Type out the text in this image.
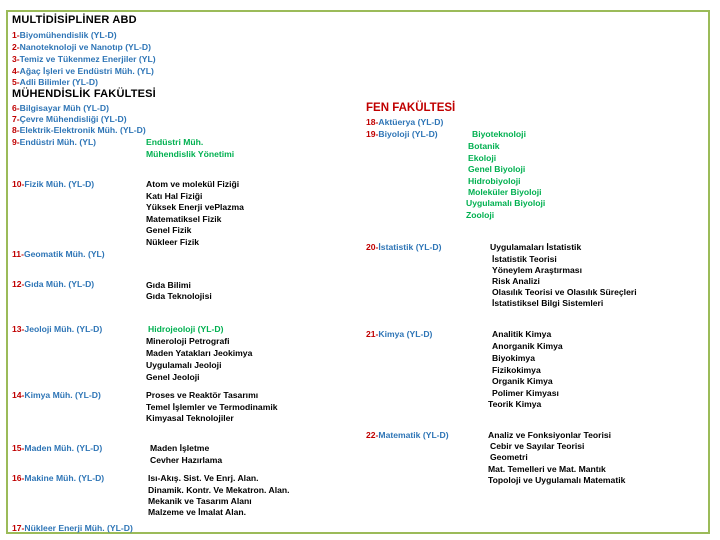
MULTİDİSİPLİNER ABD
1-Biyomühendislik (YL-D)
2-Nanoteknoloji ve Nanotıp (YL-D)
3-Temiz ve Tükenmez Enerjiler (YL)
4-Ağaç İşleri ve Endüstri Müh. (YL)
5-Adli Bilimler (YL-D)
MÜHENDİSLİK FAKÜLTESİ
6-Bilgisayar Müh (YL-D)
7-Çevre Mühendisliği (YL-D)
8-Elektrik-Elektronik Müh. (YL-D)
9-Endüstri Müh. (YL)	Endüstri Müh.
Mühendislik Yönetimi
10-Fizik Müh. (YL-D)	Atom ve molekül Fiziği
Katı Hal Fiziği
Yüksek Enerji vePlazma
Matematiksel Fizik
Genel Fizik
Nükleer Fizik
11-Geomatik Müh. (YL)
12-Gıda Müh. (YL-D)	Gıda Bilimi
Gıda Teknolojisi
13-Jeoloji Müh. (YL-D)	Hidrojeoloji (YL-D)
Mineroloji Petrografi
Maden Yatakları Jeokimya
Uygulamalı Jeoloji
Genel Jeoloji
14-Kimya Müh. (YL-D)	Proses ve Reaktör Tasarımı
Temel İşlemler ve Termodinamik
Kimyasal Teknolojiler
15-Maden Müh. (YL-D)	Maden İşletme
Cevher Hazırlama
16-Makine Müh. (YL-D)	Isı-Akış. Sist. Ve Enrj. Alan.
Dinamik. Kontr. Ve Mekatron. Alan.
Mekanik ve Tasarım Alanı
Malzeme ve İmalat Alan.
17-Nükleer Enerji Müh. (YL-D)
FEN FAKÜLTESİ
18-Aktüerya (YL-D)
19-Biyoloji (YL-D)	Biyoteknoloji
Botanik
Ekoloji
Genel Biyoloji
Hidrobiyoloji
Moleküler Biyoloji
Uygulamalı Biyoloji
Zooloji
20-İstatistik (YL-D)	Uygulamaları İstatistik
İstatistik Teorisi
Yöneylem Araştırması
Risk Analizi
Olasılık Teorisi ve Olasılık Süreçleri
İstatistiksel Bilgi Sistemleri
21-Kimya (YL-D)	Analitik Kimya
Anorganik Kimya
Biyokimya
Fizikokimya
Organik Kimya
Polimer Kimyası
Teorik Kimya
22-Matematik (YL-D)	Analiz ve Fonksiyonlar Teorisi
Cebir ve Sayılar Teorisi
Geometri
Mat. Temelleri ve Mat. Mantık
Topoloji ve Uygulamalı Matematik
